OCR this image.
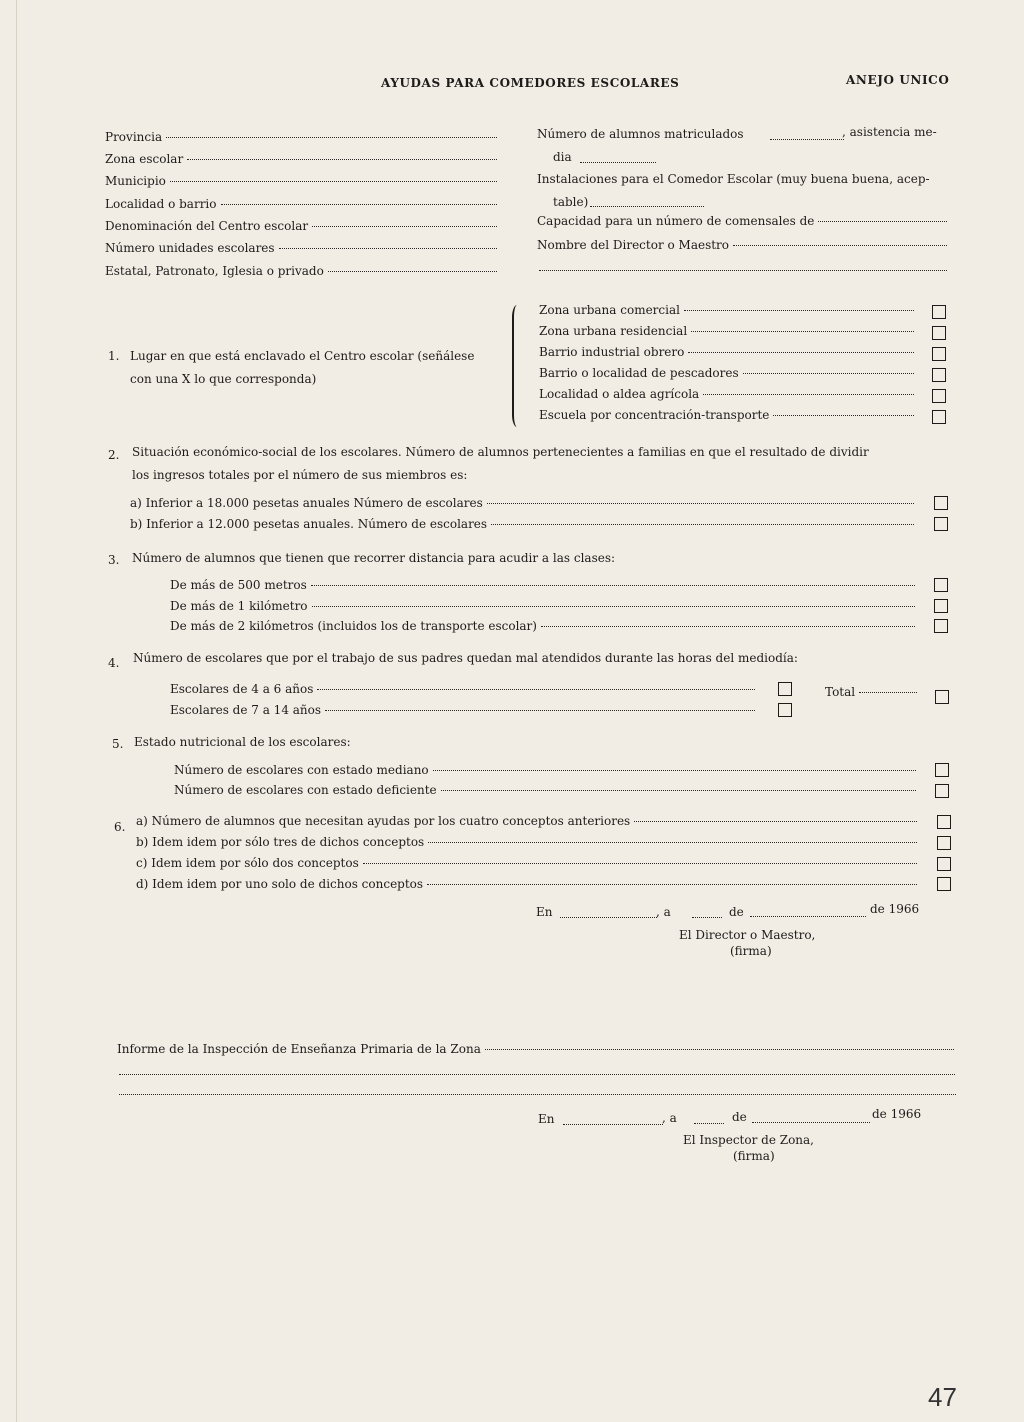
AYUDAS PARA COMEDORES ESCOLARES	ANEJO UNICO
Provincia
Zona escolar
Municipio
Localidad o barrio
Denominación del Centro escolar
Número unidades escolares
Estatal, Patronato, Iglesia o privado
Número de alumnos matriculados	, asistencia me-
dia
Instalaciones para el Comedor Escolar (muy buena buena, acep-
table)
Capacidad para un número de comensales de
Nombre del Director o Maestro
1. Lugar en que está enclavado el Centro escolar (señálese
con una X lo que corresponda)
Zona urbana comercial
Zona urbana residencial
Barrio industrial obrero
Barrio o localidad de pescadores
Localidad o aldea agrícola
Escuela por concentración-transporte
2. Situación económico-social de los escolares. Número de alumnos pertenecientes a familias en que el resultado de dividir
los ingresos totales por el número de sus miembros es:
a) Inferior a 18.000 pesetas anuales Número de escolares
b) Inferior a 12.000 pesetas anuales. Número de escolares
3. Número de alumnos que tienen que recorrer distancia para acudir a las clases:
De más de 500 metros
De más de 1 kilómetro
De más de 2 kilómetros (incluidos los de transporte escolar)
4. Número de escolares que por el trabajo de sus padres quedan mal atendidos durante las horas del mediodía:
Escolares de 4 a 6 años
Escolares de 7 a 14 años
Total
5. Estado nutricional de los escolares:
Número de escolares con estado mediano
Número de escolares con estado deficiente
6. a) Número de alumnos que necesitan ayudas por los cuatro conceptos anteriores
b) Idem idem por sólo tres de dichos conceptos
c) Idem idem por sólo dos conceptos
d) Idem idem por uno solo de dichos conceptos
En	, a	de	de 1966
El Director o Maestro,
(firma)
Informe de la Inspección de Enseñanza Primaria de la Zona
En	, a	de	de 1966
El Inspector de Zona,
(firma)
47
